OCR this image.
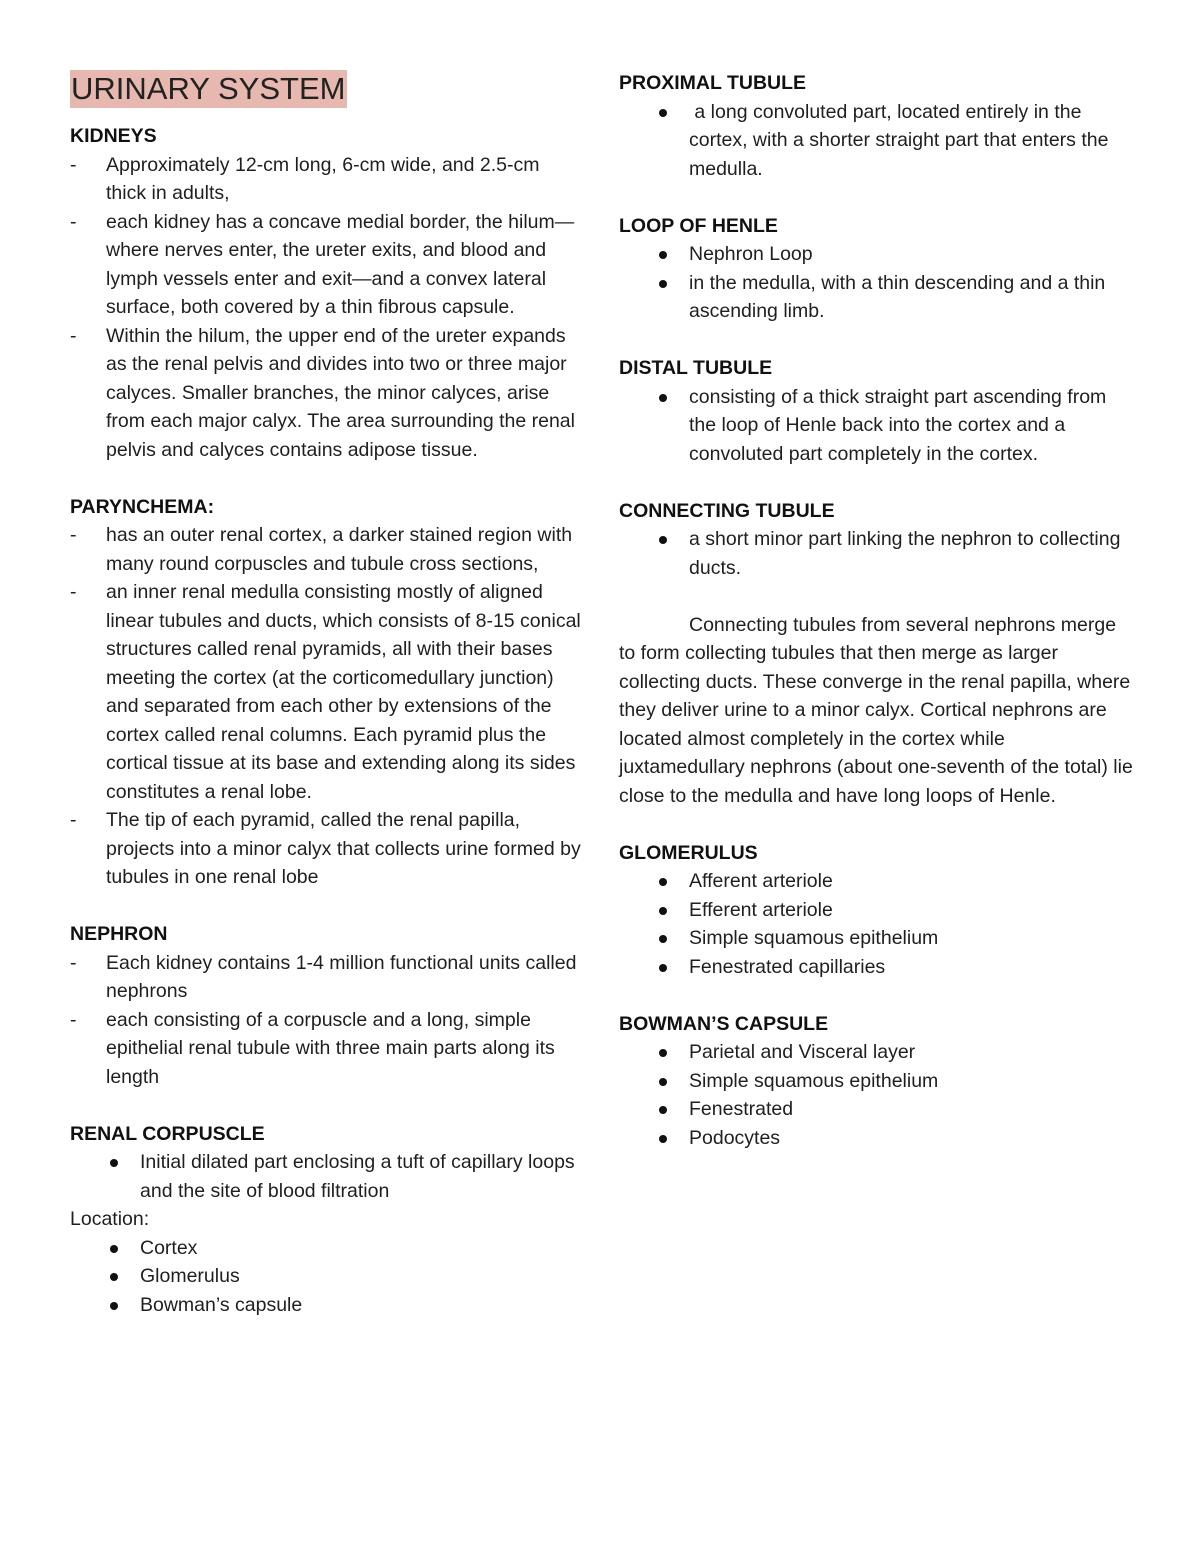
URINARY SYSTEM
KIDNEYS
- Approximately 12-cm long, 6-cm wide, and 2.5-cm thick in adults,
- each kidney has a concave medial border, the hilum—where nerves enter, the ureter exits, and blood and lymph vessels enter and exit—and a convex lateral surface, both covered by a thin fibrous capsule.
- Within the hilum, the upper end of the ureter expands as the renal pelvis and divides into two or three major calyces. Smaller branches, the minor calyces, arise from each major calyx. The area surrounding the renal pelvis and calyces contains adipose tissue.
PARYNCHEMA:
- has an outer renal cortex, a darker stained region with many round corpuscles and tubule cross sections,
- an inner renal medulla consisting mostly of aligned linear tubules and ducts, which consists of 8-15 conical structures called renal pyramids, all with their bases meeting the cortex (at the corticomedullary junction) and separated from each other by extensions of the cortex called renal columns. Each pyramid plus the cortical tissue at its base and extending along its sides constitutes a renal lobe.
- The tip of each pyramid, called the renal papilla, projects into a minor calyx that collects urine formed by tubules in one renal lobe
NEPHRON
- Each kidney contains 1-4 million functional units called nephrons
- each consisting of a corpuscle and a long, simple epithelial renal tubule with three main parts along its length
RENAL CORPUSCLE
Initial dilated part enclosing a tuft of capillary loops and the site of blood filtration

Location:

Cortex
Glomerulus
Bowman’s capsule
PROXIMAL TUBULE
a long convoluted part, located entirely in the cortex, with a shorter straight part that enters the medulla.
LOOP OF HENLE
Nephron Loop
in the medulla, with a thin descending and a thin ascending limb.
DISTAL TUBULE
consisting of a thick straight part ascending from the loop of Henle back into the cortex and a convoluted part completely in the cortex.
CONNECTING TUBULE
a short minor part linking the nephron to collecting ducts.

Connecting tubules from several nephrons merge to form collecting tubules that then merge as larger collecting ducts. These converge in the renal papilla, where they deliver urine to a minor calyx. Cortical nephrons are located almost completely in the cortex while juxtamedullary nephrons (about one-seventh of the total) lie close to the medulla and have long loops of Henle.

GLOMERULUS
Afferent arteriole
Efferent arteriole
Simple squamous epithelium
Fenestrated capillaries
BOWMAN’S CAPSULE
Parietal and Visceral layer
Simple squamous epithelium
Fenestrated
Podocytes
